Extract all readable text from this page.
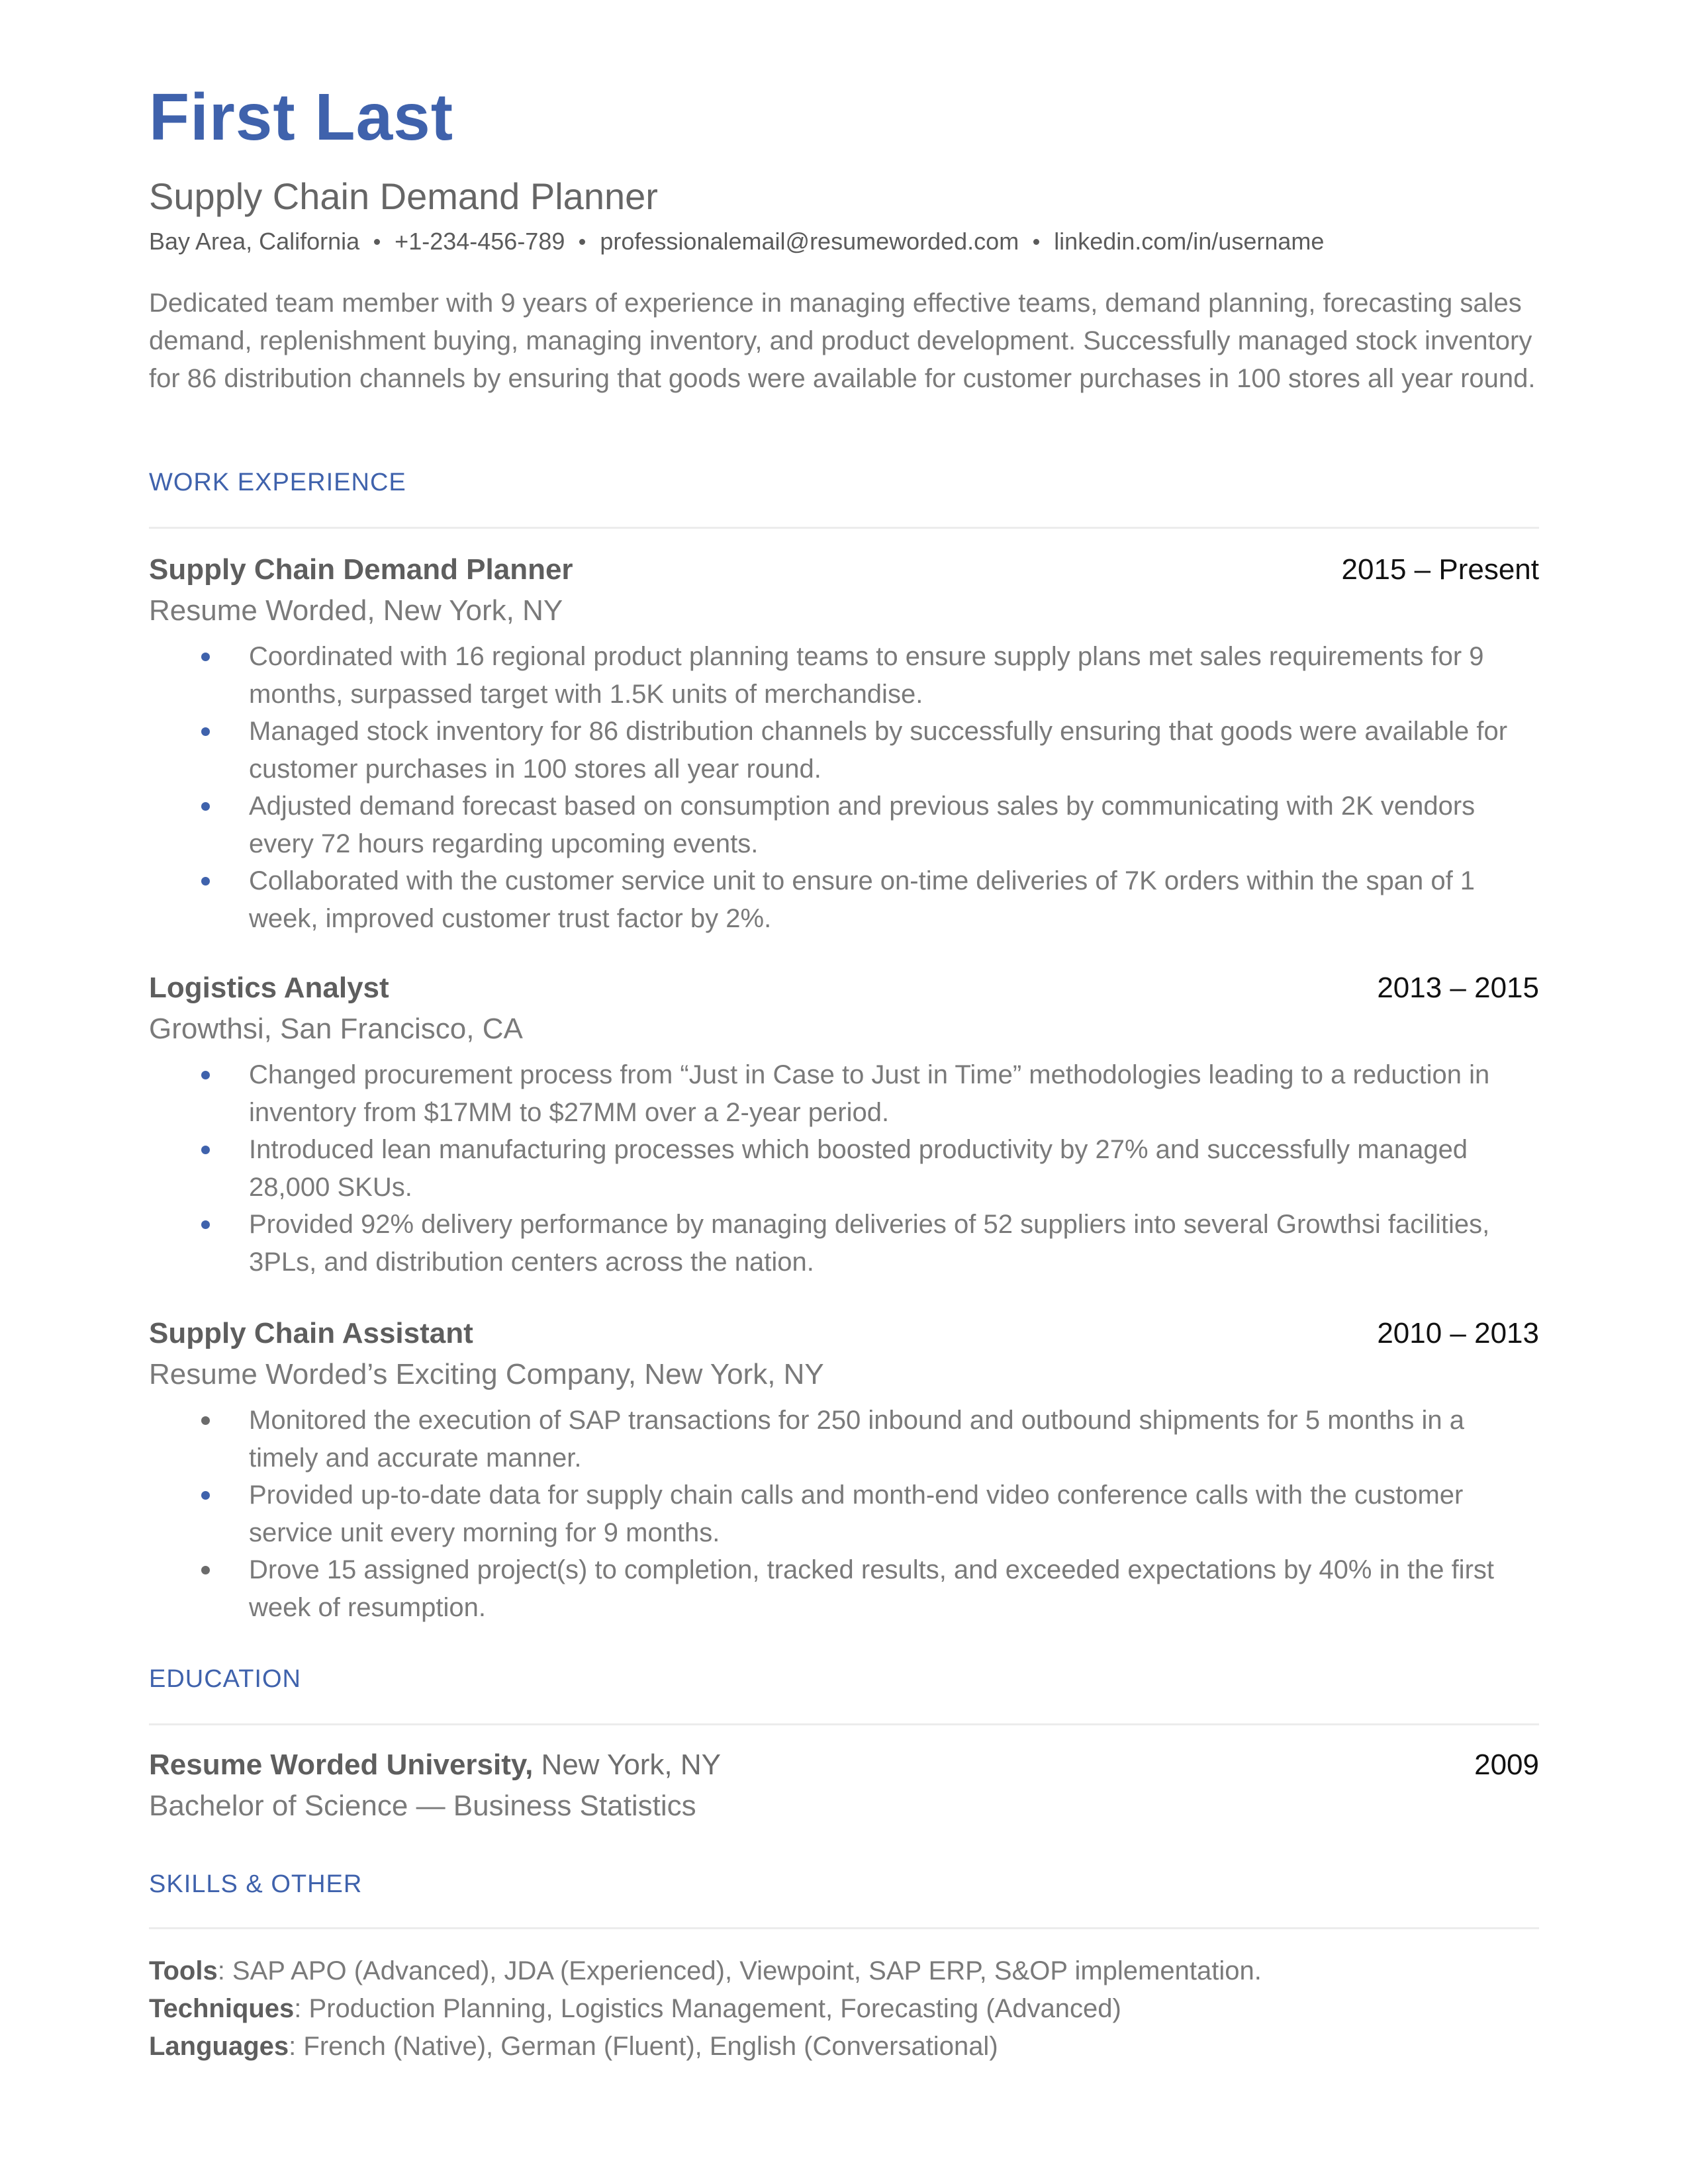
First Last
Supply Chain Demand Planner
Bay Area, California +1-234-456-789 professionalemail@resumeworded.com linkedin.com/in/username
Dedicated team member with 9 years of experience in managing effective teams, demand planning, forecasting sales demand, replenishment buying, managing inventory, and product development. Successfully managed stock inventory for 86 distribution channels by ensuring that goods were available for customer purchases in 100 stores all year round.
WORK EXPERIENCE
Supply Chain Demand Planner	2015 – Present
Resume Worded, New York, NY
Coordinated with 16 regional product planning teams to ensure supply plans met sales requirements for 9 months, surpassed target with 1.5K units of merchandise.
Managed stock inventory for 86 distribution channels by successfully ensuring that goods were available for customer purchases in 100 stores all year round.
Adjusted demand forecast based on consumption and previous sales by communicating with 2K vendors every 72 hours regarding upcoming events.
Collaborated with the customer service unit to ensure on-time deliveries of 7K orders within the span of 1 week, improved customer trust factor by 2%.
Logistics Analyst	2013 – 2015
Growthsi, San Francisco, CA
Changed procurement process from “Just in Case to Just in Time” methodologies leading to a reduction in inventory from $17MM to $27MM over a 2-year period.
Introduced lean manufacturing processes which boosted productivity by 27% and successfully managed 28,000 SKUs.
Provided 92% delivery performance by managing deliveries of 52 suppliers into several Growthsi facilities, 3PLs, and distribution centers across the nation.
Supply Chain Assistant	2010 – 2013
Resume Worded’s Exciting Company, New York, NY
Monitored the execution of SAP transactions for 250 inbound and outbound shipments for 5 months in a timely and accurate manner.
Provided up-to-date data for supply chain calls and month-end video conference calls with the customer service unit every morning for 9 months.
Drove 15 assigned project(s) to completion, tracked results, and exceeded expectations by 40% in the first week of resumption.
EDUCATION
Resume Worded University, New York, NY	2009
Bachelor of Science — Business Statistics
SKILLS & OTHER
Tools: SAP APO (Advanced), JDA (Experienced), Viewpoint, SAP ERP, S&OP implementation.
Techniques: Production Planning, Logistics Management, Forecasting (Advanced)
Languages: French (Native), German (Fluent), English (Conversational)
